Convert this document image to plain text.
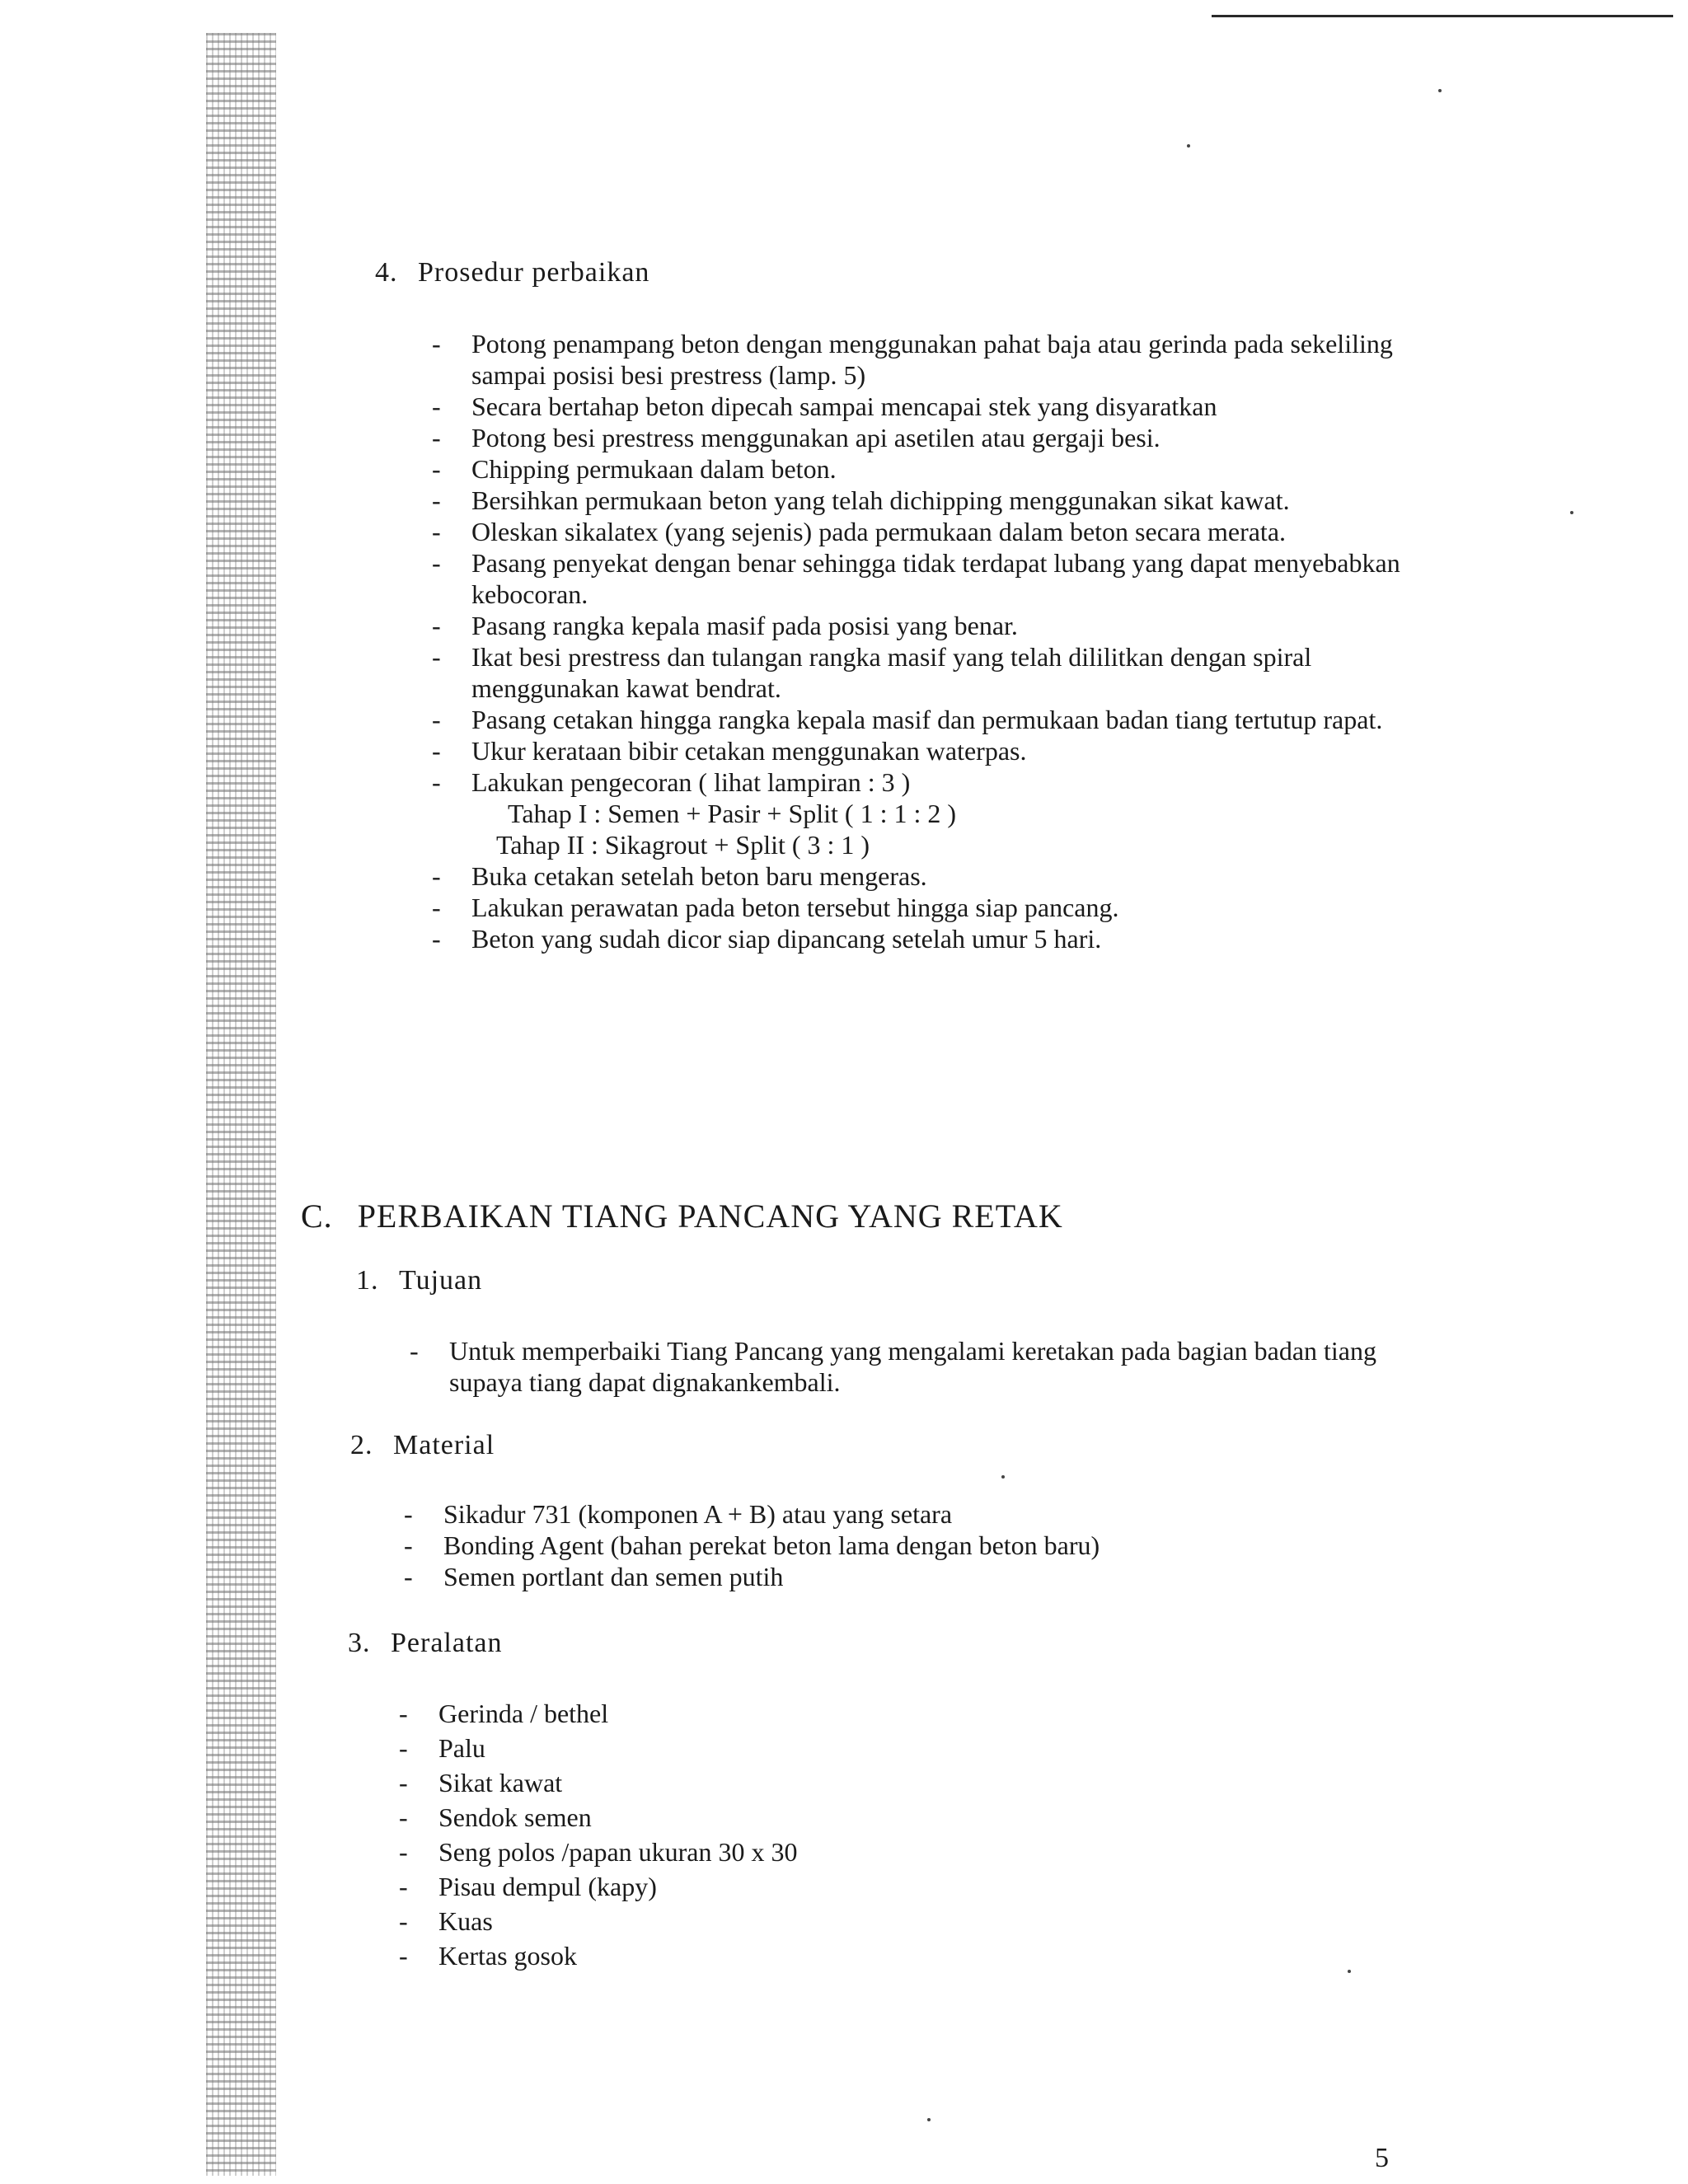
4. Prosedur perbaikan

- Potong penampang beton dengan menggunakan pahat baja atau gerinda pada sekeliling sampai posisi besi prestress (lamp. 5)

- Secara bertahap beton dipecah sampai mencapai stek yang disyaratkan

- Potong besi prestress menggunakan api asetilen atau gergaji besi.

- Chipping permukaan dalam beton.

- Bersihkan permukaan beton yang telah dichipping menggunakan sikat kawat.

- Oleskan sikalatex (yang sejenis) pada permukaan dalam beton secara merata.

- Pasang penyekat dengan benar sehingga tidak terdapat lubang yang dapat menyebabkan kebocoran.

- Pasang rangka kepala masif pada posisi yang benar.

- Ikat besi prestress dan tulangan rangka masif yang telah dililitkan dengan spiral menggunakan kawat bendrat.

- Pasang cetakan hingga rangka kepala masif dan permukaan badan tiang tertutup rapat.

- Ukur kerataan bibir cetakan menggunakan waterpas.

- Lakukan pengecoran ( lihat lampiran : 3 )

Tahap I : Semen + Pasir + Split ( 1 : 1 : 2 )

Tahap II : Sikagrout + Split ( 3 : 1 )

- Buka cetakan setelah beton baru mengeras.

- Lakukan perawatan pada beton tersebut hingga siap pancang.

- Beton yang sudah dicor siap dipancang setelah umur 5 hari.

C. PERBAIKAN TIANG PANCANG YANG RETAK
1. Tujuan

- Untuk memperbaiki Tiang Pancang yang mengalami keretakan pada bagian badan tiang supaya tiang dapat dignakankembali.

2. Material

- Sikadur 731 (komponen A + B) atau yang setara

- Bonding Agent (bahan perekat beton lama dengan beton baru)

- Semen portlant dan semen putih

3. Peralatan

- Gerinda / bethel

- Palu

- Sikat kawat

- Sendok semen

- Seng polos /papan ukuran 30 x 30

- Pisau dempul (kapy)

- Kuas

- Kertas gosok

5
